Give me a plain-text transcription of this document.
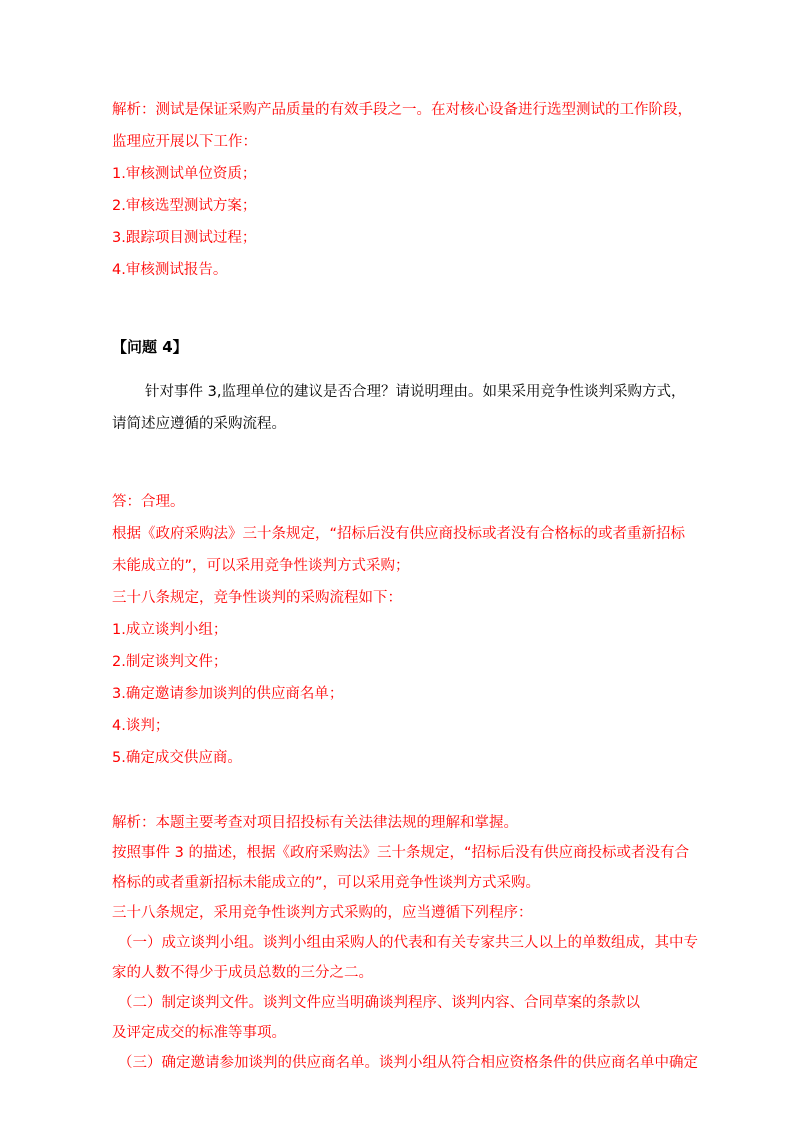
解析：测试是保证采购产品质量的有效手段之一。在对核心设备进行选型测试的工作阶段，
监理应开展以下工作：
1.审核测试单位资质；
2.审核选型测试方案；
3.跟踪项目测试过程；
4.审核测试报告。
【问题 4】
针对事件 3,监理单位的建议是否合理？请说明理由。如果采用竞争性谈判采购方式，
请简述应遵循的采购流程。
答：合理。
根据《政府采购法》三十条规定，“招标后没有供应商投标或者没有合格标的或者重新招标
未能成立的”，可以采用竞争性谈判方式采购；
三十八条规定，竞争性谈判的采购流程如下：
1.成立谈判小组；
2.制定谈判文件；
3.确定邀请参加谈判的供应商名单；
4.谈判；
5.确定成交供应商。
解析：本题主要考查对项目招投标有关法律法规的理解和掌握。
按照事件 3 的描述，根据《政府采购法》三十条规定，“招标后没有供应商投标或者没有合
格标的或者重新招标未能成立的”，可以采用竞争性谈判方式采购。
三十八条规定，采用竞争性谈判方式采购的，应当遵循下列程序：
（一）成立谈判小组。谈判小组由采购人的代表和有关专家共三人以上的单数组成，其中专
家的人数不得少于成员总数的三分之二。
（二）制定谈判文件。谈判文件应当明确谈判程序、谈判内容、合同草案的条款以
及评定成交的标准等事项。
（三）确定邀请参加谈判的供应商名单。谈判小组从符合相应资格条件的供应商名单中确定
